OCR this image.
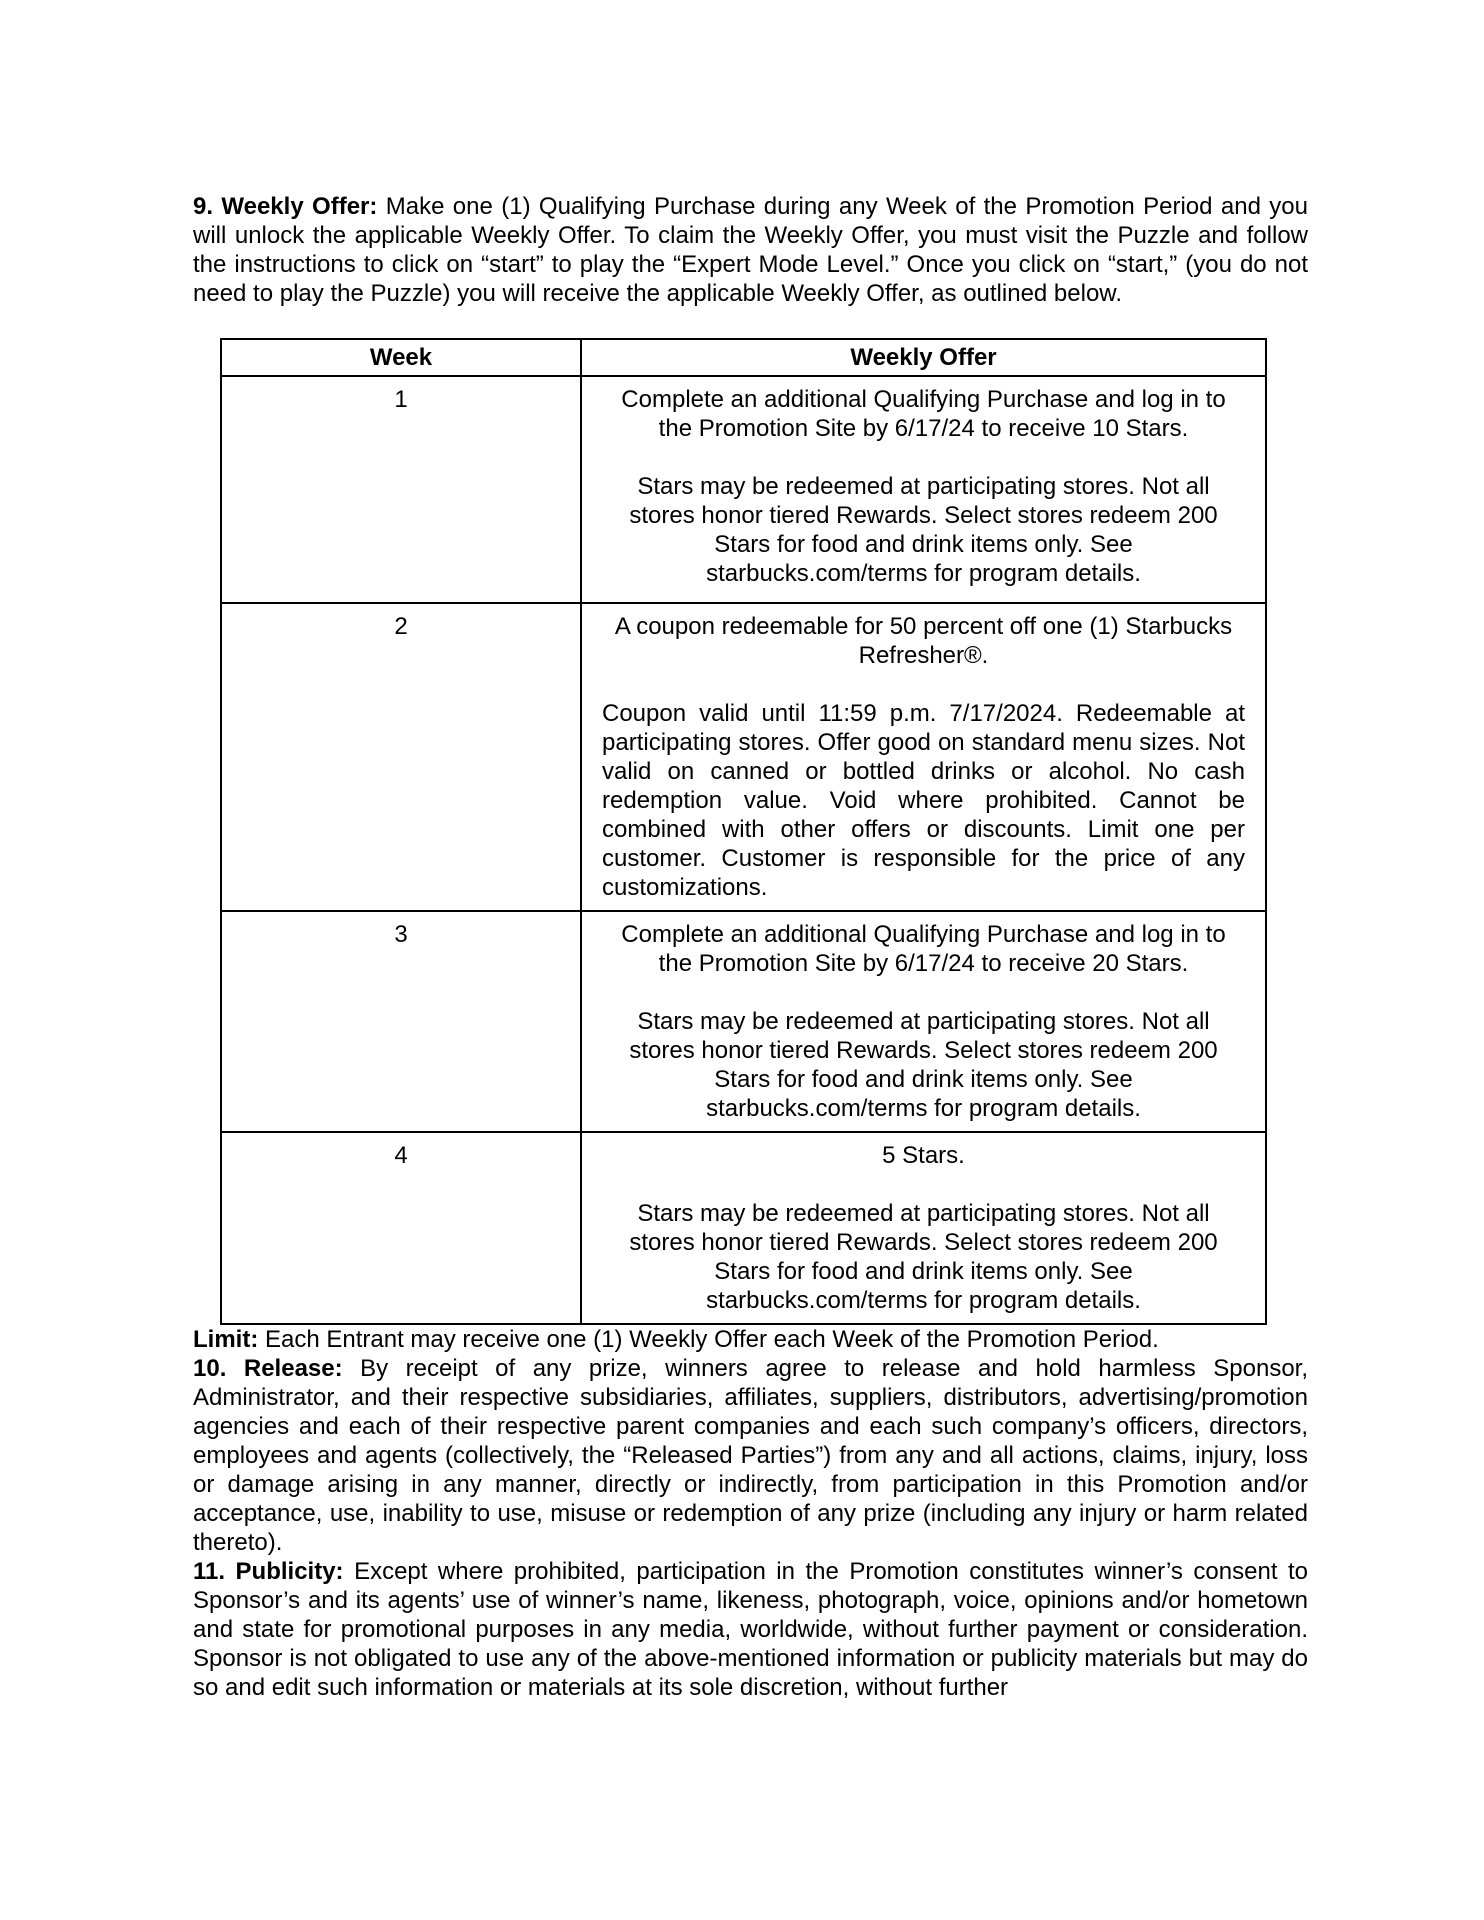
9. Weekly Offer: Make one (1) Qualifying Purchase during any Week of the Promotion Period and you will unlock the applicable Weekly Offer. To claim the Weekly Offer, you must visit the Puzzle and follow the instructions to click on “start” to play the “Expert Mode Level.” Once you click on “start,” (you do not need to play the Puzzle) you will receive the applicable Weekly Offer, as outlined below.

Week	Weekly Offer
1	Complete an additional Qualifying Purchase and log in to the Promotion Site by 6/17/24 to receive 10 Stars.

Stars may be redeemed at participating stores. Not all stores honor tiered Rewards. Select stores redeem 200 Stars for food and drink items only. See starbucks.com/terms for program details.

2	A coupon redeemable for 50 percent off one (1) Starbucks Refresher®.

Coupon valid until 11:59 p.m. 7/17/2024. Redeemable at participating stores. Offer good on standard menu sizes. Not valid on canned or bottled drinks or alcohol. No cash redemption value. Void where prohibited. Cannot be combined with other offers or discounts. Limit one per customer. Customer is responsible for the price of any customizations.

3	Complete an additional Qualifying Purchase and log in to the Promotion Site by 6/17/24 to receive 20 Stars.

Stars may be redeemed at participating stores. Not all stores honor tiered Rewards. Select stores redeem 200 Stars for food and drink items only. See starbucks.com/terms for program details.

4	5 Stars.

Stars may be redeemed at participating stores. Not all stores honor tiered Rewards. Select stores redeem 200 Stars for food and drink items only. See starbucks.com/terms for program details.

Limit: Each Entrant may receive one (1) Weekly Offer each Week of the Promotion Period.

10. Release: By receipt of any prize, winners agree to release and hold harmless Sponsor, Administrator, and their respective subsidiaries, affiliates, suppliers, distributors, advertising/promotion agencies and each of their respective parent companies and each such company’s officers, directors, employees and agents (collectively, the “Released Parties”) from any and all actions, claims, injury, loss or damage arising in any manner, directly or indirectly, from participation in this Promotion and/or acceptance, use, inability to use, misuse or redemption of any prize (including any injury or harm related thereto).

11. Publicity: Except where prohibited, participation in the Promotion constitutes winner’s consent to Sponsor’s and its agents’ use of winner’s name, likeness, photograph, voice, opinions and/or hometown and state for promotional purposes in any media, worldwide, without further payment or consideration. Sponsor is not obligated to use any of the above-mentioned information or publicity materials but may do so and edit such information or materials at its sole discretion, without further
